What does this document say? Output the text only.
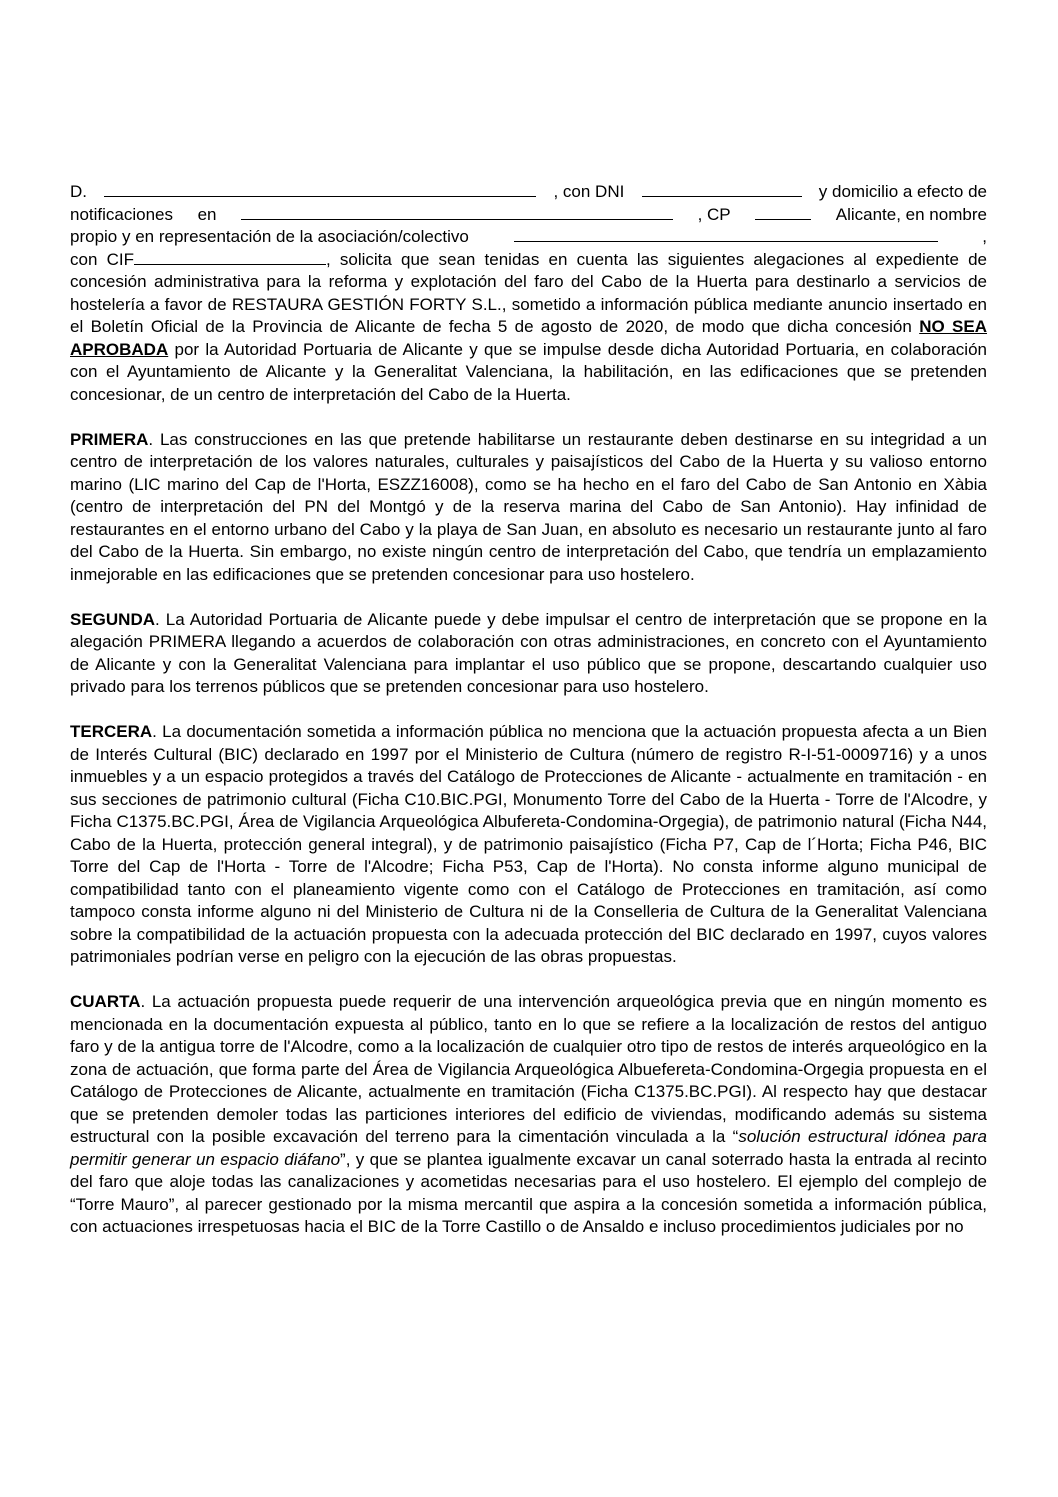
D.	, con DNI	y domicilio a efecto de
notificaciones en	, CP	Alicante, en nombre
propio y en representación de la asociación/colectivo	,

con CIF	, solicita que sean tenidas en cuenta las siguientes alegaciones al expediente de concesión administrativa para la reforma y explotación del faro del Cabo de la Huerta para destinarlo a servicios de hostelería a favor de RESTAURA GESTIÓN FORTY S.L., sometido a información pública mediante anuncio insertado en el Boletín Oficial de la Provincia de Alicante de fecha 5 de agosto de 2020, de modo que dicha concesión NO SEA APROBADA por la Autoridad Portuaria de Alicante y que se impulse desde dicha Autoridad Portuaria, en colaboración con el Ayuntamiento de Alicante y la Generalitat Valenciana, la habilitación, en las edificaciones que se pretenden concesionar, de un centro de interpretación del Cabo de la Huerta.

PRIMERA. Las construcciones en las que pretende habilitarse un restaurante deben destinarse en su integridad a un centro de interpretación de los valores naturales, culturales y paisajísticos del Cabo de la Huerta y su valioso entorno marino (LIC marino del Cap de l'Horta, ESZZ16008), como se ha hecho en el faro del Cabo de San Antonio en Xàbia (centro de interpretación del PN del Montgó y de la reserva marina del Cabo de San Antonio). Hay infinidad de restaurantes en el entorno urbano del Cabo y la playa de San Juan, en absoluto es necesario un restaurante junto al faro del Cabo de la Huerta. Sin embargo, no existe ningún centro de interpretación del Cabo, que tendría un emplazamiento inmejorable en las edificaciones que se pretenden concesionar para uso hostelero.

SEGUNDA. La Autoridad Portuaria de Alicante puede y debe impulsar el centro de interpretación que se propone en la alegación PRIMERA llegando a acuerdos de colaboración con otras administraciones, en concreto con el Ayuntamiento de Alicante y con la Generalitat Valenciana para implantar el uso público que se propone, descartando cualquier uso privado para los terrenos públicos que se pretenden concesionar para uso hostelero.

TERCERA. La documentación sometida a información pública no menciona que la actuación propuesta afecta a un Bien de Interés Cultural (BIC) declarado en 1997 por el Ministerio de Cultura (número de registro R-I-51-0009716) y a unos inmuebles y a un espacio protegidos a través del Catálogo de Protecciones de Alicante - actualmente en tramitación - en sus secciones de patrimonio cultural (Ficha C10.BIC.PGI, Monumento Torre del Cabo de la Huerta - Torre de l'Alcodre, y Ficha C1375.BC.PGI, Área de Vigilancia Arqueológica Albufereta-Condomina-Orgegia), de patrimonio natural (Ficha N44, Cabo de la Huerta, protección general integral), y de patrimonio paisajístico (Ficha P7, Cap de l´Horta; Ficha P46, BIC Torre del Cap de l'Horta - Torre de l'Alcodre; Ficha P53, Cap de l'Horta). No consta informe alguno municipal de compatibilidad tanto con el planeamiento vigente como con el Catálogo de Protecciones en tramitación, así como tampoco consta informe alguno ni del Ministerio de Cultura ni de la Conselleria de Cultura de la Generalitat Valenciana sobre la compatibilidad de la actuación propuesta con la adecuada protección del BIC declarado en 1997, cuyos valores patrimoniales podrían verse en peligro con la ejecución de las obras propuestas.

CUARTA. La actuación propuesta puede requerir de una intervención arqueológica previa que en ningún momento es mencionada en la documentación expuesta al público, tanto en lo que se refiere a la localización de restos del antiguo faro y de la antigua torre de l'Alcodre, como a la localización de cualquier otro tipo de restos de interés arqueológico en la zona de actuación, que forma parte del Área de Vigilancia Arqueológica Albuefereta-Condomina-Orgegia propuesta en el Catálogo de Protecciones de Alicante, actualmente en tramitación (Ficha C1375.BC.PGI). Al respecto hay que destacar que se pretenden demoler todas las particiones interiores del edificio de viviendas, modificando además su sistema estructural con la posible excavación del terreno para la cimentación vinculada a la “solución estructural idónea para permitir generar un espacio diáfano”, y que se plantea igualmente excavar un canal soterrado hasta la entrada al recinto del faro que aloje todas las canalizaciones y acometidas necesarias para el uso hostelero. El ejemplo del complejo de “Torre Mauro”, al parecer gestionado por la misma mercantil que aspira a la concesión sometida a información pública, con actuaciones irrespetuosas hacia el BIC de la Torre Castillo o de Ansaldo e incluso procedimientos judiciales por no
